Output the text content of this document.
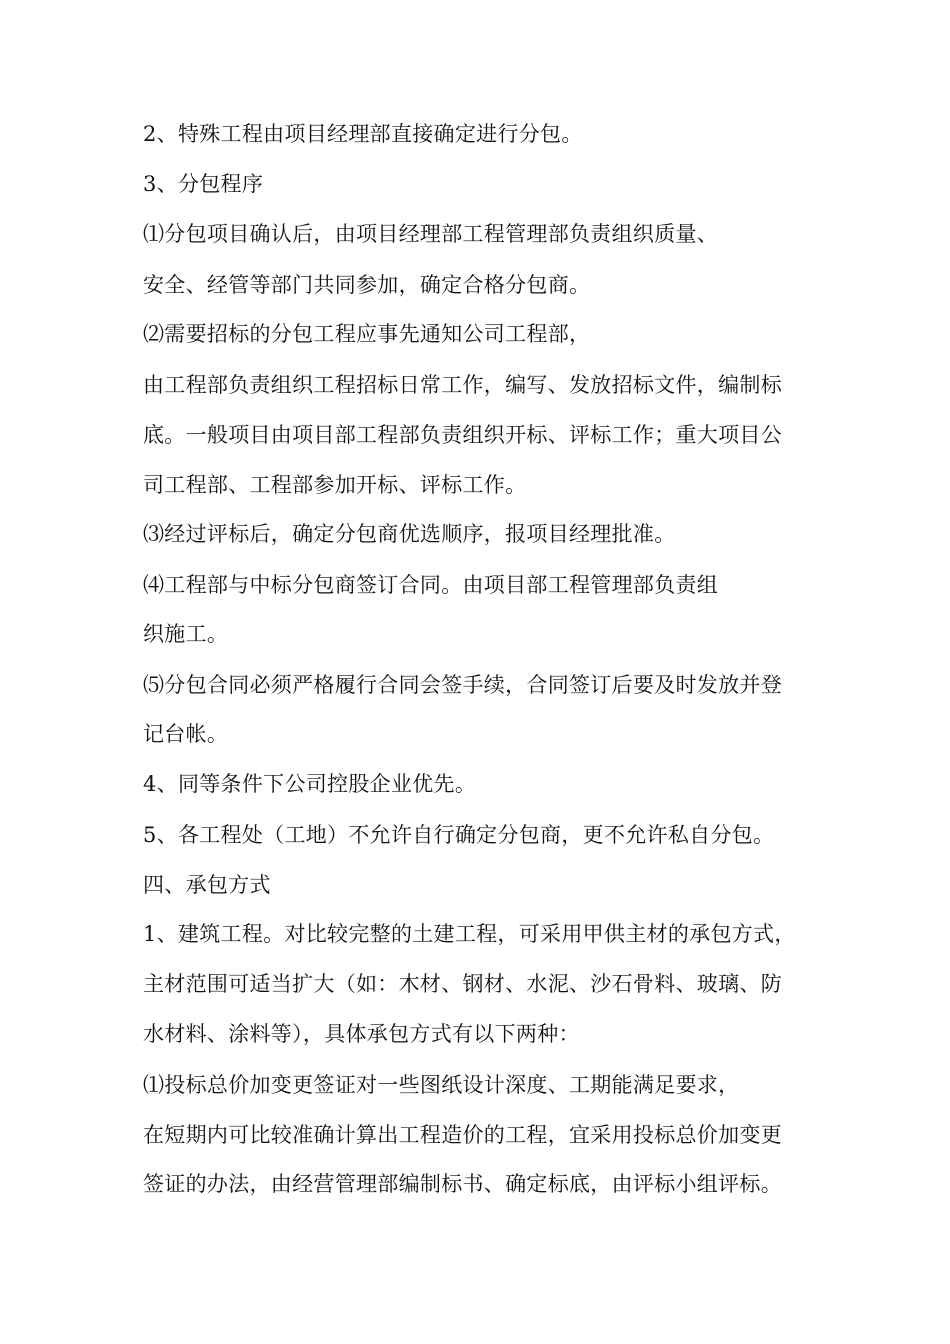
2、特殊工程由项目经理部直接确定进行分包。
3、分包程序
⑴分包项目确认后，由项目经理部工程管理部负责组织质量、
安全、经管等部门共同参加，确定合格分包商。
⑵需要招标的分包工程应事先通知公司工程部，
由工程部负责组织工程招标日常工作，编写、发放招标文件，编制标
底。一般项目由项目部工程部负责组织开标、评标工作；重大项目公
司工程部、工程部参加开标、评标工作。
⑶经过评标后，确定分包商优选顺序，报项目经理批准。
⑷工程部与中标分包商签订合同。由项目部工程管理部负责组
织施工。
⑸分包合同必须严格履行合同会签手续，合同签订后要及时发放并登
记台帐。
4、同等条件下公司控股企业优先。
5、各工程处（工地）不允许自行确定分包商，更不允许私自分包。
四、承包方式
1、建筑工程。对比较完整的土建工程，可采用甲供主材的承包方式，
主材范围可适当扩大（如：木材、钢材、水泥、沙石骨料、玻璃、防
水材料、涂料等），具体承包方式有以下两种：
⑴投标总价加变更签证对一些图纸设计深度、工期能满足要求，
在短期内可比较准确计算出工程造价的工程，宜采用投标总价加变更
签证的办法，由经营管理部编制标书、确定标底，由评标小组评标。
